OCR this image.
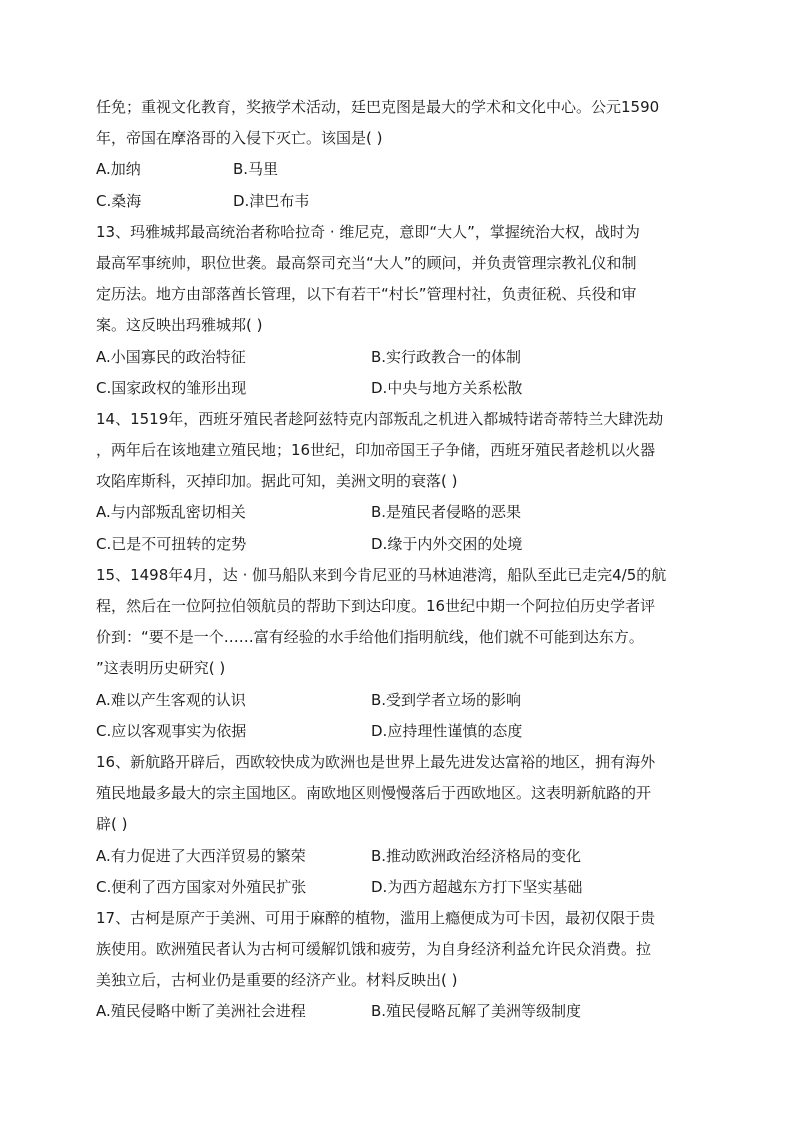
任免；重视文化教育，奖掖学术活动，廷巴克图是最大的学术和文化中心。公元1590
年，帝国在摩洛哥的入侵下灭亡。该国是( )
A.加纳	B.马里
C.桑海	D.津巴布韦
13、玛雅城邦最高统治者称哈拉奇 · 维尼克，意即“大人”，掌握统治大权，战时为
最高军事统帅，职位世袭。最高祭司充当“大人”的顾问，并负责管理宗教礼仪和制
定历法。地方由部落酋长管理，以下有若干“村长”管理村社，负责征税、兵役和审
案。这反映出玛雅城邦( )
A.小国寡民的政治特征	B.实行政教合一的体制
C.国家政权的雏形出现	D.中央与地方关系松散
14、1519年，西班牙殖民者趁阿兹特克内部叛乱之机进入都城特诺奇蒂特兰大肆洗劫
，两年后在该地建立殖民地；16世纪，印加帝国王子争储，西班牙殖民者趁机以火器
攻陷库斯科，灭掉印加。据此可知，美洲文明的衰落( )
A.与内部叛乱密切相关	B.是殖民者侵略的恶果
C.已是不可扭转的定势	D.缘于内外交困的处境
15、1498年4月，达 · 伽马船队来到今肯尼亚的马林迪港湾，船队至此已走完4/5的航
程，然后在一位阿拉伯领航员的帮助下到达印度。16世纪中期一个阿拉伯历史学者评
价到：“要不是一个……富有经验的水手给他们指明航线，他们就不可能到达东方。
”这表明历史研究( )
A.难以产生客观的认识	B.受到学者立场的影响
C.应以客观事实为依据	D.应持理性谨慎的态度
16、新航路开辟后，西欧较快成为欧洲也是世界上最先进发达富裕的地区，拥有海外
殖民地最多最大的宗主国地区。南欧地区则慢慢落后于西欧地区。这表明新航路的开
辟( )
A.有力促进了大西洋贸易的繁荣	B.推动欧洲政治经济格局的变化
C.便利了西方国家对外殖民扩张	D.为西方超越东方打下坚实基础
17、古柯是原产于美洲、可用于麻醉的植物，滥用上瘾便成为可卡因，最初仅限于贵
族使用。欧洲殖民者认为古柯可缓解饥饿和疲劳，为自身经济利益允许民众消费。拉
美独立后，古柯业仍是重要的经济产业。材料反映出( )
A.殖民侵略中断了美洲社会进程	B.殖民侵略瓦解了美洲等级制度
